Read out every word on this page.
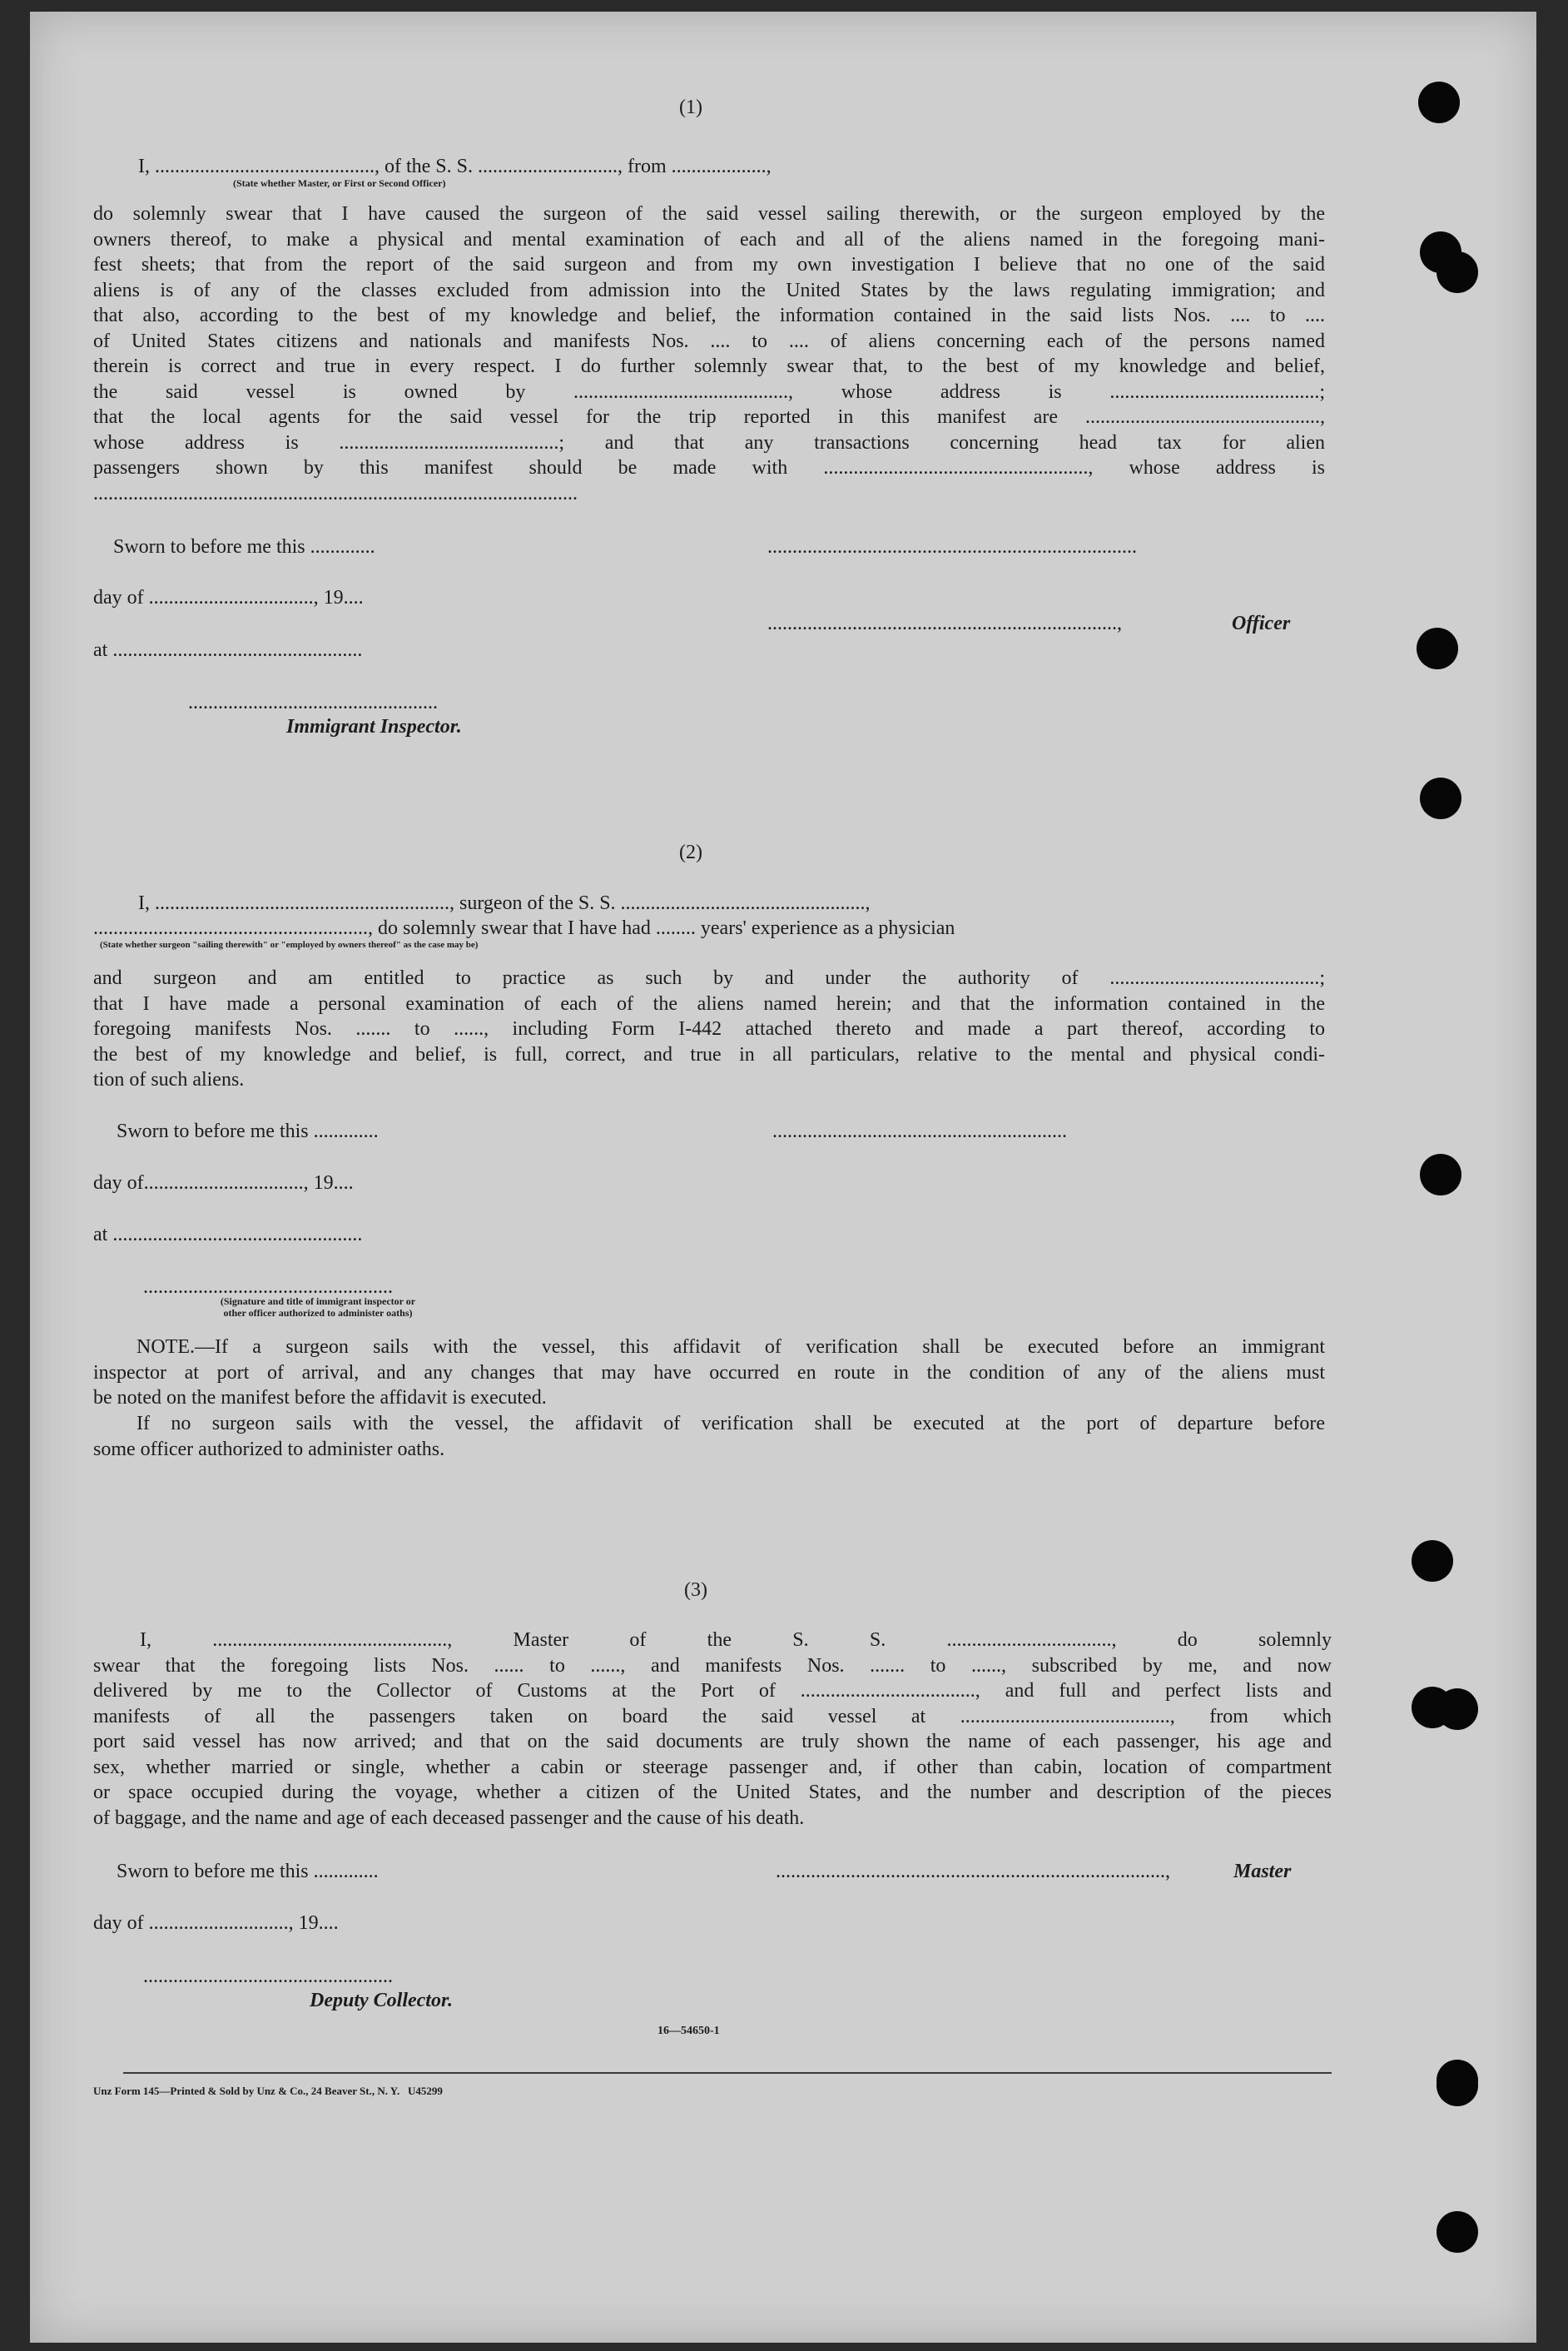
(1)
I, ............................................, of the S. S. ............................, from ...................,
(State whether Master, or First or Second Officer)
do solemnly swear that I have caused the surgeon of the said vessel sailing therewith, or the surgeon employed by the
owners thereof, to make a physical and mental examination of each and all of the aliens named in the foregoing mani-
fest sheets; that from the report of the said surgeon and from my own investigation I believe that no one of the said
aliens is of any of the classes excluded from admission into the United States by the laws regulating immigration; and
that also, according to the best of my knowledge and belief, the information contained in the said lists Nos. .... to ....
of United States citizens and nationals and manifests Nos. .... to .... of aliens concerning each of the persons named
therein is correct and true in every respect. I do further solemnly swear that, to the best of my knowledge and belief,
the said vessel is owned by ..........................................., whose address is ..........................................;
that the local agents for the said vessel for the trip reported in this manifest are ...............................................,
whose address is ............................................; and that any transactions concerning head tax for alien
passengers shown by this manifest should be made with ....................................................., whose address is
.................................................................................................
Sworn to before me this .............	..........................................................................
day of ................................., 19....
......................................................................,	Officer
at ..................................................
..................................................
Immigrant Inspector.
(2)
I, ..........................................................., surgeon of the S. S. .................................................,
......................................................., do solemnly swear that I have had ........ years' experience as a physician
(State whether surgeon "sailing therewith" or "employed by owners thereof" as the case may be)
and surgeon and am entitled to practice as such by and under the authority of ..........................................;
that I have made a personal examination of each of the aliens named herein; and that the information contained in the
foregoing manifests Nos. ....... to ......, including Form I-442 attached thereto and made a part thereof, according to
the best of my knowledge and belief, is full, correct, and true in all particulars, relative to the mental and physical condi-
tion of such aliens.
Sworn to before me this .............	...........................................................
day of................................, 19....
at ..................................................
..................................................
(Signature and title of immigrant inspector or
other officer authorized to administer oaths)
NOTE.—If a surgeon sails with the vessel, this affidavit of verification shall be executed before an immigrant
inspector at port of arrival, and any changes that may have occurred en route in the condition of any of the aliens must
be noted on the manifest before the affidavit is executed.
If no surgeon sails with the vessel, the affidavit of verification shall be executed at the port of departure before
some officer authorized to administer oaths.
(3)
I, ..............................................., Master of the S. S. ................................., do solemnly
swear that the foregoing lists Nos. ...... to ......, and manifests Nos. ....... to ......, subscribed by me, and now
delivered by me to the Collector of Customs at the Port of ..................................., and full and perfect lists and
manifests of all the passengers taken on board the said vessel at .........................................., from which
port said vessel has now arrived; and that on the said documents are truly shown the name of each passenger, his age and
sex, whether married or single, whether a cabin or steerage passenger and, if other than cabin, location of compartment
or space occupied during the voyage, whether a citizen of the United States, and the number and description of the pieces
of baggage, and the name and age of each deceased passenger and the cause of his death.
Sworn to before me this .............	..............................................................................,	Master
day of ............................, 19....
..................................................
Deputy Collector.
16—54650-1
Unz Form 145—Printed & Sold by Unz & Co., 24 Beaver St., N. Y.   U45299
